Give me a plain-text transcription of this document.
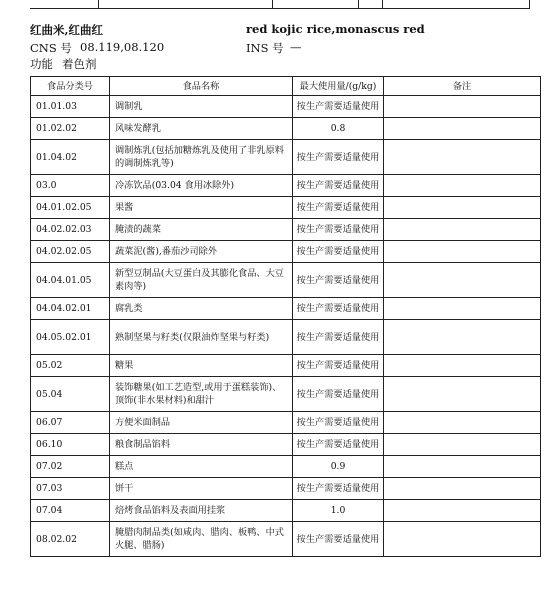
红曲米,红曲红	red kojic rice,monascus red
CNS 号 08.119,08.120	INS 号 —
功能 着色剂
食品分类号	食品名称	最大使用量/(g/kg)	备注
01.01.03	调制乳	按生产需要适量使用	
01.02.02	风味发酵乳	0.8	
01.04.02	调制炼乳(包括加糖炼乳及使用了非乳原料的调制炼乳等)	按生产需要适量使用	
03.0	冷冻饮品(03.04 食用冰除外)	按生产需要适量使用	
04.01.02.05	果酱	按生产需要适量使用	
04.02.02.03	腌渍的蔬菜	按生产需要适量使用	
04.02.02.05	蔬菜泥(酱),番茄沙司除外	按生产需要适量使用	
04.04.01.05	新型豆制品(大豆蛋白及其膨化食品、大豆素肉等)	按生产需要适量使用	
04.04.02.01	腐乳类	按生产需要适量使用	
04.05.02.01	熟制坚果与籽类(仅限油炸坚果与籽类)	按生产需要适量使用	
05.02	糖果	按生产需要适量使用	
05.04	装饰糖果(如工艺造型,或用于蛋糕装饰)、顶饰(非水果材料)和甜汁	按生产需要适量使用	
06.07	方便米面制品	按生产需要适量使用	
06.10	粮食制品馅料	按生产需要适量使用	
07.02	糕点	0.9	
07.03	饼干	按生产需要适量使用	
07.04	焙烤食品馅料及表面用挂浆	1.0	
08.02.02	腌腊肉制品类(如咸肉、腊肉、板鸭、中式火腿、腊肠)	按生产需要适量使用	
